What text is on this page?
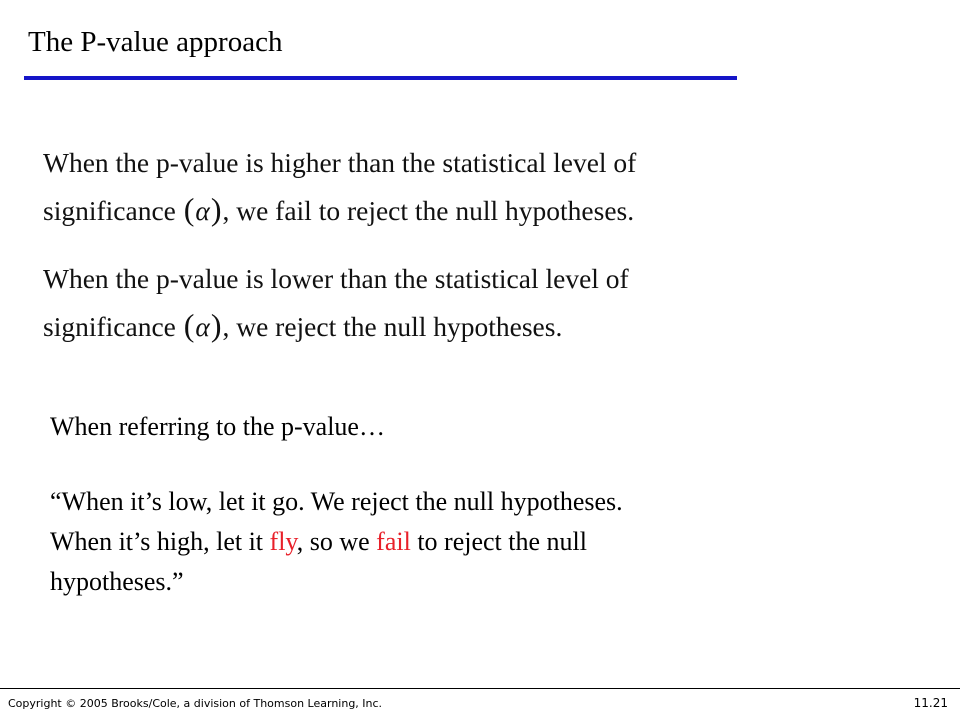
The P-value approach

When the p-value is higher than the statistical level of
significance (α), we fail to reject the null hypotheses.

When the p-value is lower than the statistical level of
significance (α), we reject the null hypotheses.

When referring to the p-value…

“When it’s low, let it go. We reject the null hypotheses.
When it’s high, let it fly, so we fail to reject the null
hypotheses.”

Copyright © 2005 Brooks/Cole, a division of Thomson Learning, Inc.	11.21
